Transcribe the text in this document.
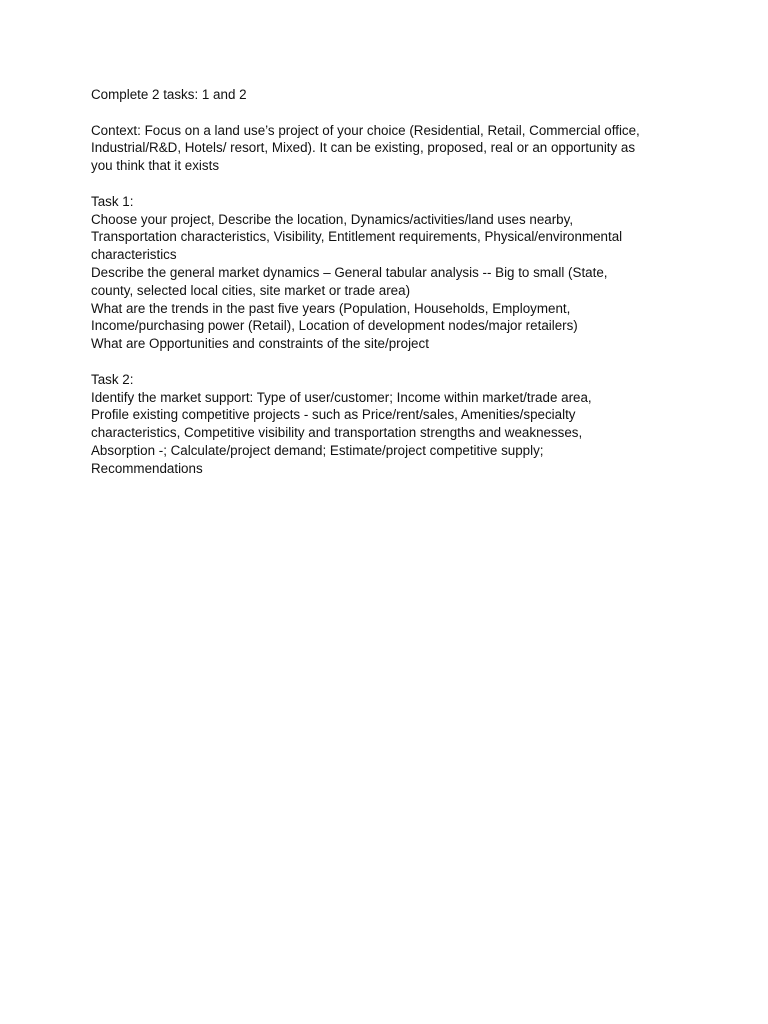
Complete 2 tasks: 1 and 2

Context: Focus on a land use’s project of your choice (Residential, Retail, Commercial office,

Industrial/R&D, Hotels/ resort, Mixed). It can be existing, proposed, real or an opportunity as

you think that it exists

Task 1:

Choose your project, Describe the location, Dynamics/activities/land uses nearby,

Transportation characteristics, Visibility, Entitlement requirements, Physical/environmental

characteristics

Describe the general market dynamics – General tabular analysis -- Big to small (State,

county, selected local cities, site market or trade area)

What are the trends in the past five years (Population, Households, Employment,

Income/purchasing power (Retail), Location of development nodes/major retailers)

What are Opportunities and constraints of the site/project

Task 2:

Identify the market support: Type of user/customer; Income within market/trade area,

Profile existing competitive projects - such as Price/rent/sales, Amenities/specialty

characteristics, Competitive visibility and transportation strengths and weaknesses,

Absorption -; Calculate/project demand; Estimate/project competitive supply;

Recommendations
